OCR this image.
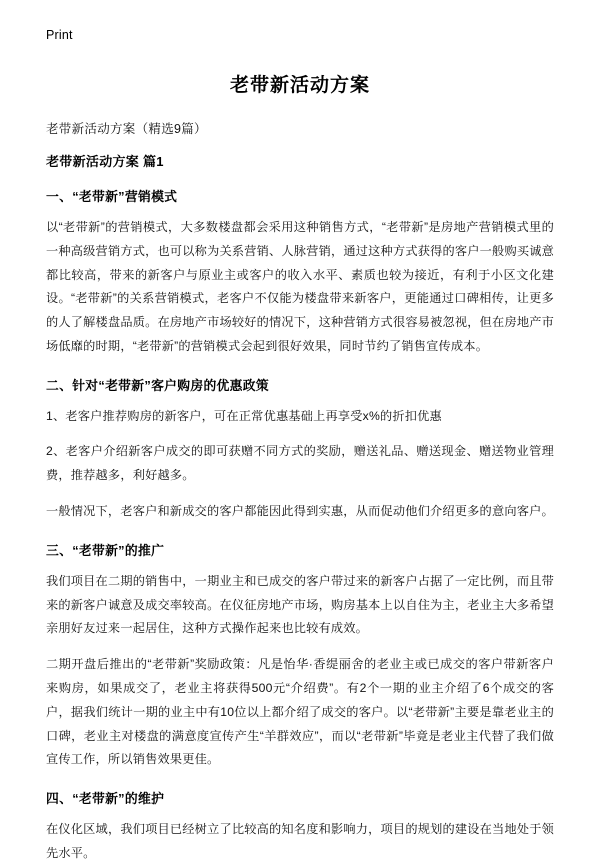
Print
老带新活动方案

老带新活动方案（精选9篇）

老带新活动方案 篇1
一、“老带新”营销模式

以“老带新”的营销模式，大多数楼盘都会采用这种销售方式，“老带新”是房地产营销模式里的一种高级营销方式，也可以称为关系营销、人脉营销，通过这种方式获得的客户一般购买诚意都比较高，带来的新客户与原业主或客户的收入水平、素质也较为接近，有利于小区文化建设。“老带新”的关系营销模式，老客户不仅能为楼盘带来新客户，更能通过口碑相传，让更多的人了解楼盘品质。在房地产市场较好的情况下，这种营销方式很容易被忽视，但在房地产市场低靡的时期，“老带新”的营销模式会起到很好效果，同时节约了销售宣传成本。

二、针对“老带新”客户购房的优惠政策

1、老客户推荐购房的新客户，可在正常优惠基础上再享受x%的折扣优惠

2、老客户介绍新客户成交的即可获赠不同方式的奖励，赠送礼品、赠送现金、赠送物业管理费，推荐越多，利好越多。

一般情况下，老客户和新成交的客户都能因此得到实惠，从而促动他们介绍更多的意向客户。

三、“老带新”的推广

我们项目在二期的销售中，一期业主和已成交的客户带过来的新客户占据了一定比例，而且带来的新客户诚意及成交率较高。在仪征房地产市场，购房基本上以自住为主，老业主大多希望亲朋好友过来一起居住，这种方式操作起来也比较有成效。

二期开盘后推出的“老带新”奖励政策：凡是怡华·香缇丽舍的老业主或已成交的客户带新客户来购房，如果成交了，老业主将获得500元“介绍费”。有2个一期的业主介绍了6个成交的客户，据我们统计一期的业主中有10位以上都介绍了成交的客户。以“老带新”主要是靠老业主的口碑，老业主对楼盘的满意度宣传产生“羊群效应”，而以“老带新”毕竟是老业主代替了我们做宣传工作，所以销售效果更佳。

四、“老带新”的维护

在仪化区域，我们项目已经树立了比较高的知名度和影响力，项目的规划的建设在当地处于领先水平。
